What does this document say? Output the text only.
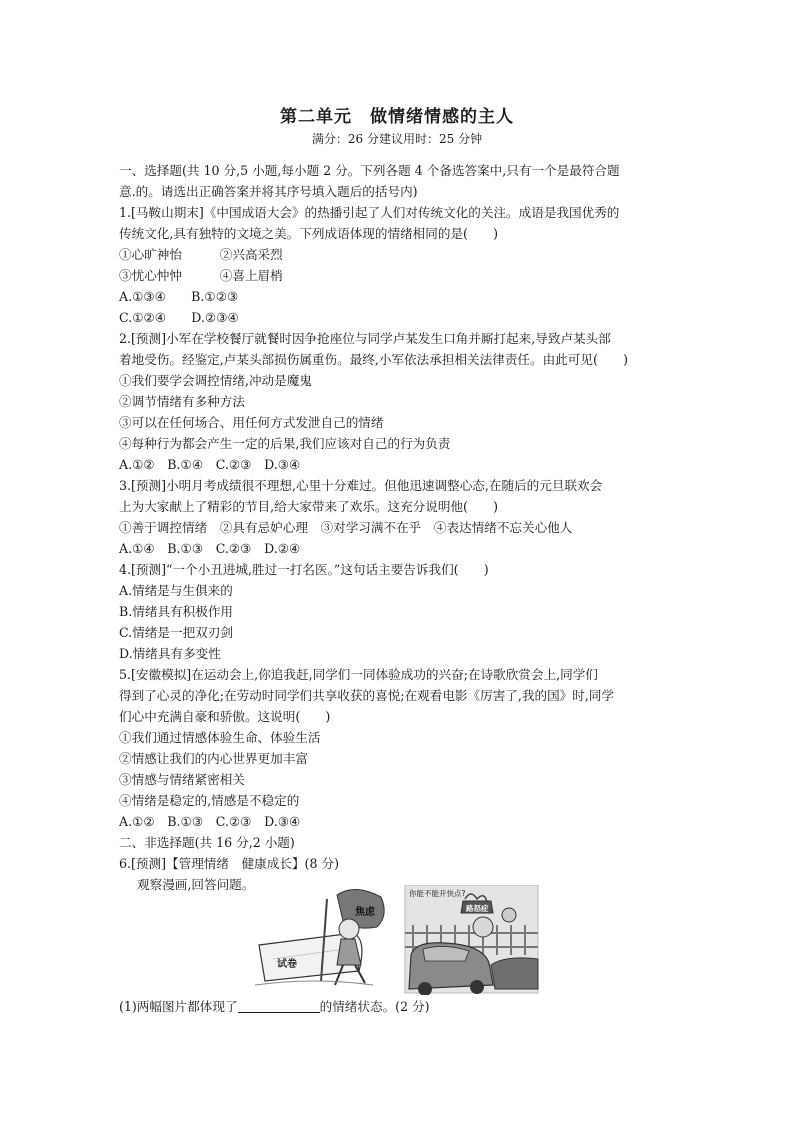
第二单元　做情绪情感的主人
满分：26 分建议用时：25 分钟
一、选择题(共 10 分,5 小题,每小题 2 分。下列各题 4 个备选答案中,只有一个是最符合题
意.的。请选出正确答案并将其序号填入题后的括号内)
1.[马鞍山期末]《中国成语大会》的热播引起了人们对传统文化的关注。成语是我国优秀的
传统文化,具有独特的文境之美。下列成语体现的情绪相同的是(　　)
①心旷神怡　　　②兴高采烈
③忧心忡忡　　　④喜上眉梢
A.①③④　　B.①②③
C.①②④　　D.②③④
2.[预测]小军在学校餐厅就餐时因争抢座位与同学卢某发生口角并厮打起来,导致卢某头部
着地受伤。经鉴定,卢某头部损伤属重伤。最终,小军依法承担相关法律责任。由此可见(　　)
①我们要学会调控情绪,冲动是魔鬼
②调节情绪有多种方法
③可以在任何场合、用任何方式发泄自己的情绪
④每种行为都会产生一定的后果,我们应该对自己的行为负责
A.①②　B.①④　C.②③　D.③④
3.[预测]小明月考成绩很不理想,心里十分难过。但他迅速调整心态,在随后的元旦联欢会
上为大家献上了精彩的节目,给大家带来了欢乐。这充分说明他(　　)
①善于调控情绪　②具有忌妒心理　③对学习满不在乎　④表达情绪不忘关心他人
A.①④　B.①③　C.②③　D.②④
4.[预测]“一个小丑进城,胜过一打名医。”这句话主要告诉我们(　　)
A.情绪是与生俱来的
B.情绪具有积极作用
C.情绪是一把双刃剑
D.情绪具有多变性
5.[安徽模拟]在运动会上,你追我赶,同学们一同体验成功的兴奋;在诗歌欣赏会上,同学们
得到了心灵的净化;在劳动时同学们共享收获的喜悦;在观看电影《厉害了,我的国》时,同学
们心中充满自豪和骄傲。这说明(　　)
①我们通过情感体验生命、体验生活
②情感让我们的内心世界更加丰富
③情感与情绪紧密相关
④情绪是稳定的,情感是不稳定的
A.①②　B.①③　C.②③　D.③④
二、非选择题(共 16 分,2 小题)
6.[预测]【管理情绪　健康成长】(8 分)
观察漫画,回答问题。
试卷
焦虑
你能不能开快点?
路怒症
(1)两幅图片都体现了	的情绪状态。(2 分)
